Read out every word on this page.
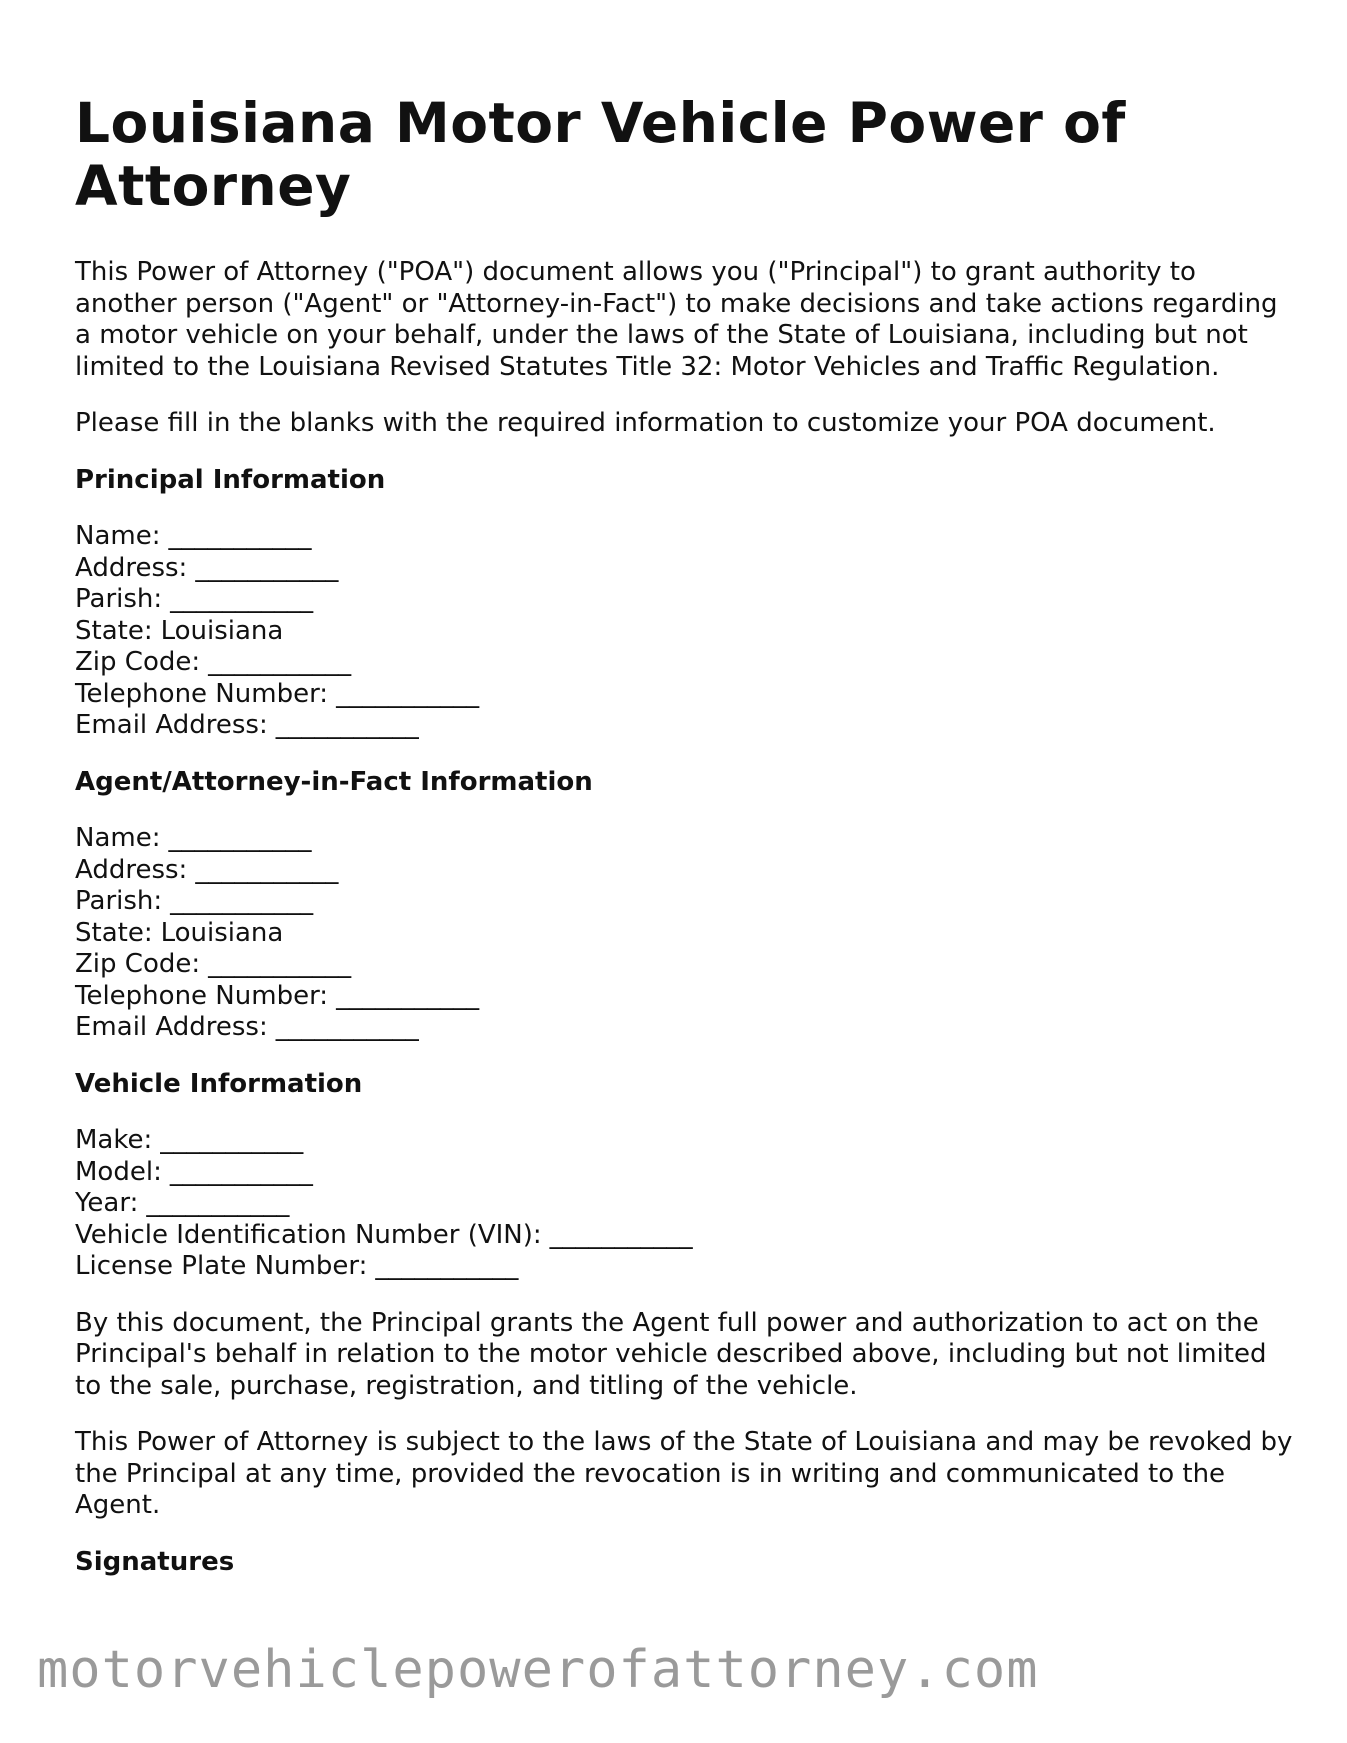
Louisiana Motor Vehicle Power of Attorney

This Power of Attorney ("POA") document allows you ("Principal") to grant authority to another person ("Agent" or "Attorney-in-Fact") to make decisions and take actions regarding a motor vehicle on your behalf, under the laws of the State of Louisiana, including but not limited to the Louisiana Revised Statutes Title 32: Motor Vehicles and Traffic Regulation.

Please fill in the blanks with the required information to customize your POA document.

Principal Information
Name: ___________
Address: ___________
Parish: ___________
State: Louisiana
Zip Code: ___________
Telephone Number: ___________
Email Address: ___________
Agent/Attorney-in-Fact Information
Name: ___________
Address: ___________
Parish: ___________
State: Louisiana
Zip Code: ___________
Telephone Number: ___________
Email Address: ___________
Vehicle Information
Make: ___________
Model: ___________
Year: ___________
Vehicle Identification Number (VIN): ___________
License Plate Number: ___________

By this document, the Principal grants the Agent full power and authorization to act on the Principal's behalf in relation to the motor vehicle described above, including but not limited to the sale, purchase, registration, and titling of the vehicle.

This Power of Attorney is subject to the laws of the State of Louisiana and may be revoked by the Principal at any time, provided the revocation is in writing and communicated to the Agent.

Signatures
motorvehiclepowerofattorney.com
